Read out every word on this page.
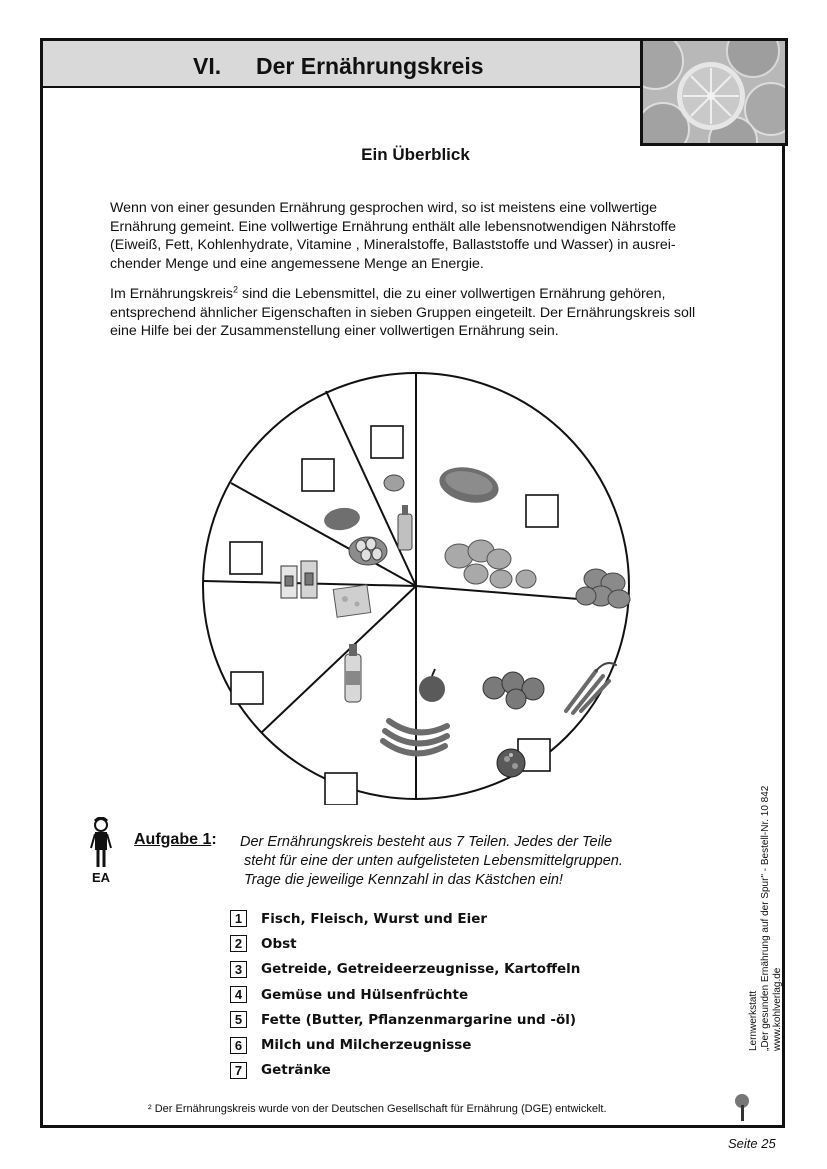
VI. Der Ernährungskreis
Ein Überblick

Wenn von einer gesunden Ernährung gesprochen wird, so ist meistens eine vollwertige Ernährung gemeint. Eine vollwertige Ernährung enthält alle lebensnotwendigen Nährstoffe (Eiweiß, Fett, Kohlenhydrate, Vitamine , Mineralstoffe, Ballaststoffe und Wasser) in ausrei- chender Menge und eine angemessene Menge an Energie.

Im Ernährungskreis$^2$ sind die Lebensmittel, die zu einer vollwertigen Ernährung gehören, entsprechend ähnlicher Eigenschaften in sieben Gruppen eingeteilt. Der Ernährungskreis soll eine Hilfe bei der Zusammenstellung einer vollwertigen Ernährung sein.

EA
Aufgabe 1: Der Ernährungskreis besteht aus 7 Teilen. Jedes der Teile
steht für eine der unten aufgelisteten Lebensmittelgruppen.
Trage die jeweilige Kennzahl in das Kästchen ein!

1	Fisch, Fleisch, Wurst und Eier
2	Obst
3	Getreide, Getreideerzeugnisse, Kartoffeln
4	Gemüse und Hülsenfrüchte
5	Fette (Butter, Pflanzenmargarine und -öl)
6	Milch und Milcherzeugnisse
7	Getränke
² Der Ernährungskreis wurde von der Deutschen Gesellschaft für Ernährung (DGE) entwickelt.
Lernwerkstatt „Der gesunden Ernährung auf der Spur" - Bestell-Nr. 10 842 www.kohlverlag.de
Seite 25
